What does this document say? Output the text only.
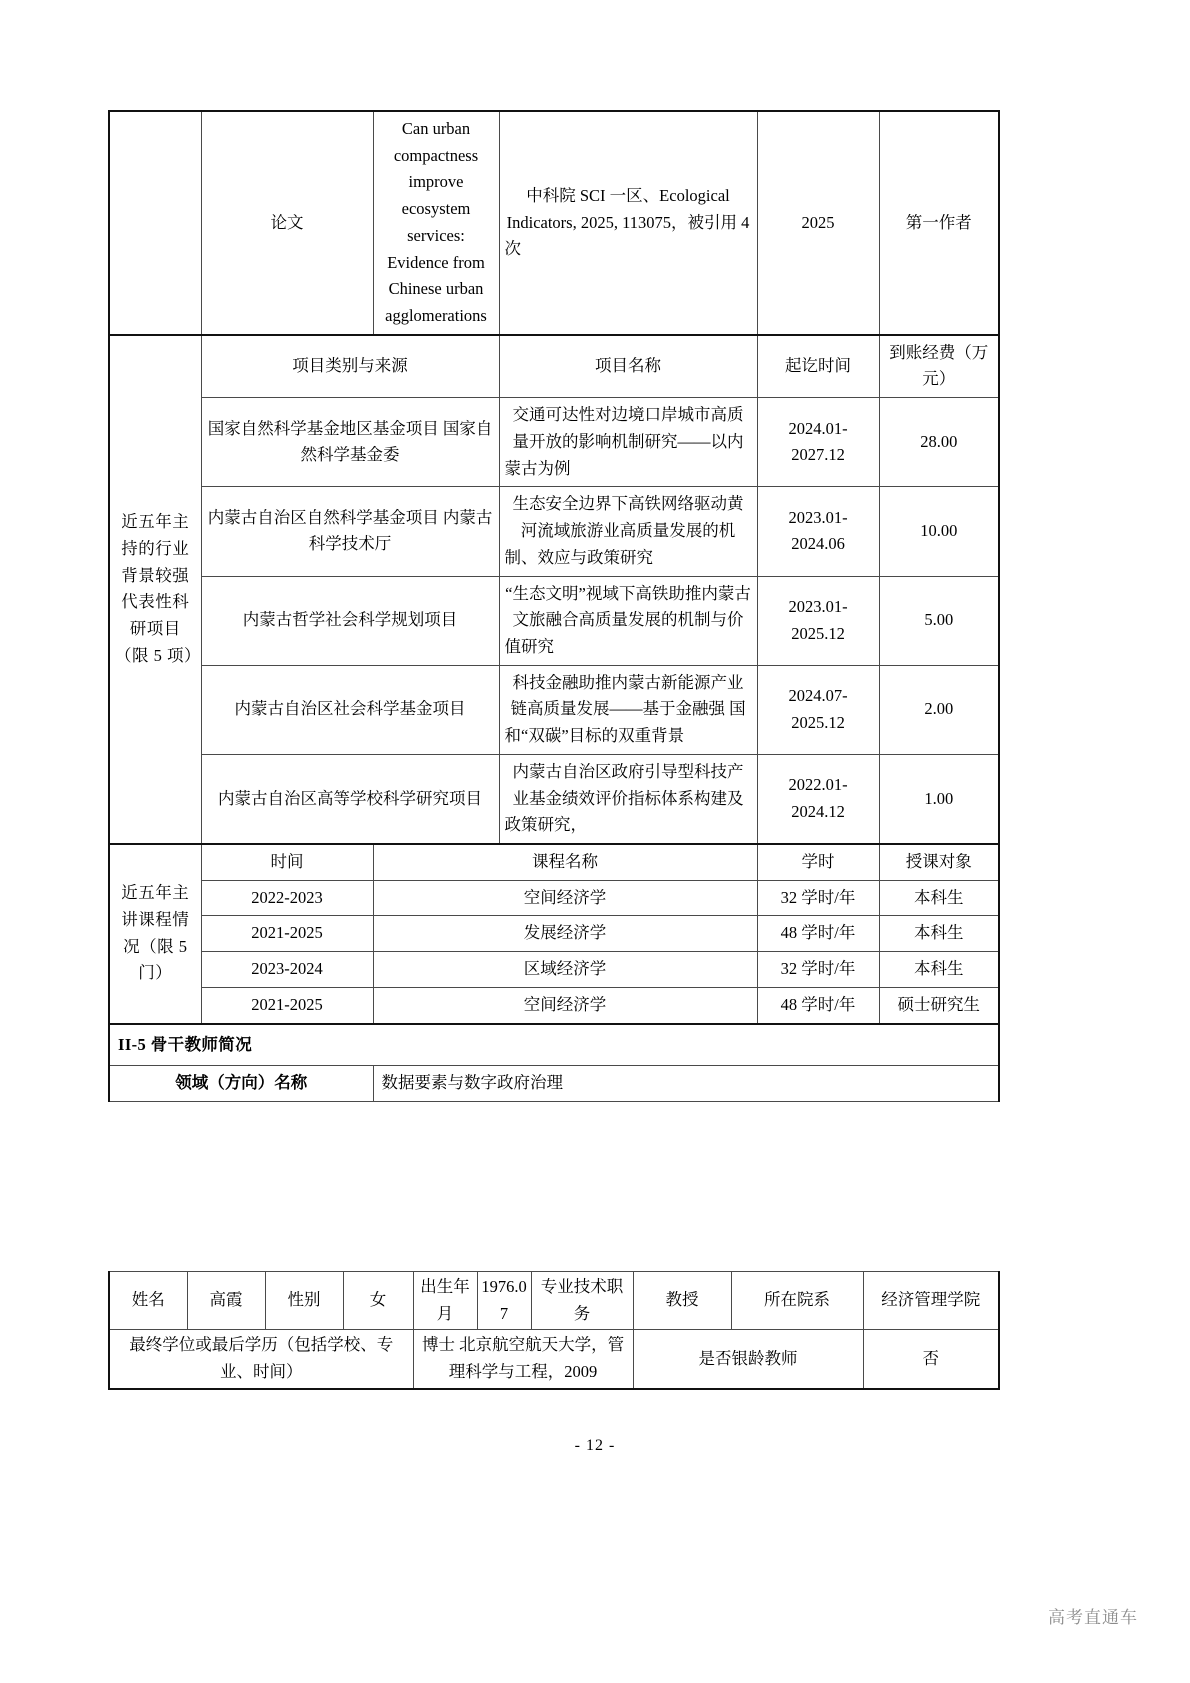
	论文	Can urban compactness improve ecosystem services: Evidence from Chinese urban agglomerations	中科院 SCI 一区、Ecological Indicators, 2025, 113075，被引用 4 次	2025	第一作者
近五年主持的行业背景较强代表性科研项目（限 5 项）	项目类别与来源		项目名称	起讫时间	到账经费（万元）
	国家自然科学基金地区基金项目 国家自然科学基金委		交通可达性对边境口岸城市高质量开放的影响机制研究——以内蒙古为例	2024.01-2027.12	28.00
	内蒙古自治区自然科学基金项目 内蒙古科学技术厅		生态安全边界下高铁网络驱动黄河流域旅游业高质量发展的机制、效应与政策研究	2023.01-2024.06	10.00
	内蒙古哲学社会科学规划项目		“生态文明”视域下高铁助推内蒙古文旅融合高质量发展的机制与价值研究	2023.01-2025.12	5.00
	内蒙古自治区社会科学基金项目		科技金融助推内蒙古新能源产业链高质量发展——基于金融强 国和“双碳”目标的双重背景	2024.07-2025.12	2.00
	内蒙古自治区高等学校科学研究项目		内蒙古自治区政府引导型科技产业基金绩效评价指标体系构建及政策研究，	2022.01-2024.12	1.00
近五年主讲课程情况（限 5 门）	时间	课程名称		学时	授课对象
	2022-2023	空间经济学		32 学时/年	本科生
	2021-2025	发展经济学		48 学时/年	本科生
	2023-2024	区域经济学		32 学时/年	本科生
	2021-2025	空间经济学		48 学时/年	硕士研究生
II-5 骨干教师简况					
领域（方向）名称		数据要素与数字政府治理			
姓名	高霞	性别	女	出生年月	1976.07	专业技术职 务	教授	所在院系	经济管理学院
最终学位或最后学历（包括学校、专业、时间）				博士 北京航空航天大学，管理科学与工程，2009			是否银龄教师		否
- 12 -
高考直通车
